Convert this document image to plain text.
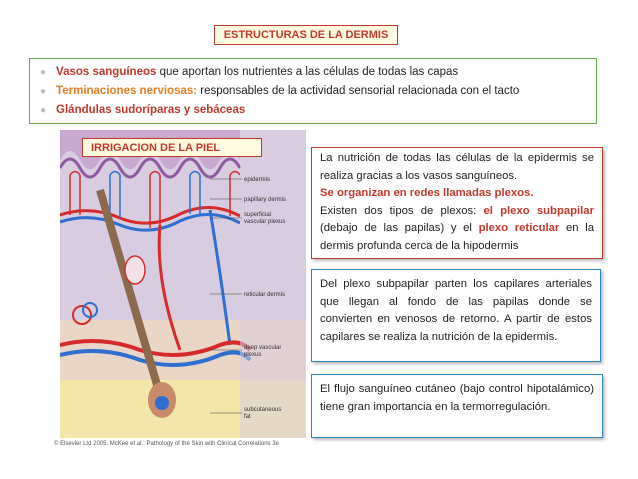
ESTRUCTURAS DE LA DERMIS
● Vasos sanguíneos que aportan los nutrientes a las células de todas las capas
● Terminaciones nerviosas: responsables de la actividad sensorial relacionada con el tacto
● Glándulas sudoríparas y sebáceas
epidermis
papillary dermis
superficial
vascular plexus
reticular dermis
deep vascular
plexus
subcutaneous
fat
IRRIGACION DE LA PIEL
© Elsevier Ltd 2005. McKee et al.: Pathology of the Skin with Clinical Correlations 3e
La nutrición de todas las células de la epidermis se realiza gracias a los vasos sanguíneos.
Se organizan en redes llamadas plexos.
Existen dos tipos de plexos: el plexo subpapilar (debajo de las papilas) y el plexo reticular en la dermis profunda cerca de la hipodermis
Del plexo subpapilar parten los capilares arteriales que llegan al fondo de las papilas donde se convierten en venosos de retorno. A partir de estos capilares se realiza la nutrición de la epidermis.
El flujo sanguíneo cutáneo (bajo control hipotalámico) tiene gran importancia en la termorregulación.
